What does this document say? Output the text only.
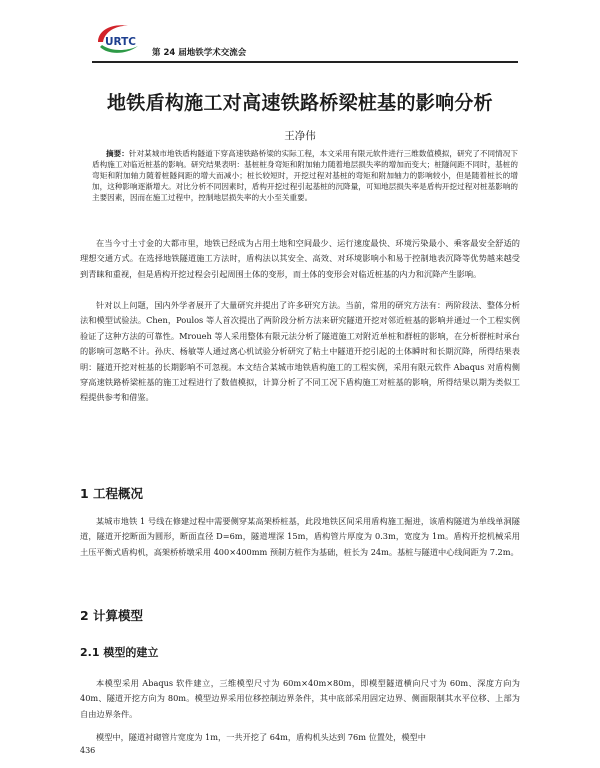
URTC
第 24 届地铁学术交流会
地铁盾构施工对高速铁路桥梁桩基的影响分析
王净伟

摘要：针对某城市地铁盾构隧道下穿高速铁路桥梁的实际工程，本文采用有限元软件进行三维数值模拟，研究了不同情况下盾构施工对临近桩基的影响。研究结果表明：基桩桩身弯矩和附加轴力随着地层损失率的增加而变大；桩隧间距不同时，基桩的弯矩和附加轴力随着桩隧间距的增大而减小；桩长较短时，开挖过程对基桩的弯矩和附加轴力的影响较小，但是随着桩长的增加，这种影响逐渐增大。对比分析不同因素时，盾构开挖过程引起基桩的沉降量，可知地层损失率是盾构开挖过程对桩基影响的主要因素，因而在施工过程中，控制地层损失率的大小至关重要。

在当今寸土寸金的大都市里，地铁已经成为占用土地和空间最少、运行速度最快、环境污染最小、乘客最安全舒适的理想交通方式。在选择地铁隧道施工方法时，盾构法以其安全、高效、对环境影响小和易于控制地表沉降等优势越来越受到青睐和重视，但是盾构开挖过程会引起周围土体的变形，而土体的变形会对临近桩基的内力和沉降产生影响。

针对以上问题，国内外学者展开了大量研究并提出了许多研究方法。当前，常用的研究方法有：两阶段法、整体分析法和模型试验法。Chen，Poulos 等人首次提出了两阶段分析方法来研究隧道开挖对邻近桩基的影响并通过一个工程实例验证了这种方法的可靠性。Mroueh 等人采用整体有限元法分析了隧道施工对附近单桩和群桩的影响，在分析群桩时承台的影响可忽略不计。孙庆、杨敏等人通过离心机试验分析研究了粘土中隧道开挖引起的土体瞬时和长期沉降，所得结果表明：隧道开挖对桩基的长期影响不可忽视。本文结合某城市地铁盾构施工的工程实例，采用有限元软件 Abaqus 对盾构侧穿高速铁路桥梁桩基的施工过程进行了数值模拟，计算分析了不同工况下盾构施工对桩基的影响，所得结果以期为类似工程提供参考和借鉴。

1 工程概况

某城市地铁 1 号线在修建过程中需要侧穿某高架桥桩基，此段地铁区间采用盾构施工掘进，该盾构隧道为单线单洞隧道，隧道开挖断面为圆形，断面直径 D=6m，隧道埋深 15m，盾构管片厚度为 0.3m，宽度为 1m。盾构开挖机械采用土压平衡式盾构机，高架桥桥墩采用 400×400mm 预制方桩作为基础，桩长为 24m。基桩与隧道中心线间距为 7.2m。

2 计算模型
2.1 模型的建立

本模型采用 Abaqus 软件建立，三维模型尺寸为 60m×40m×80m，即模型隧道横向尺寸为 60m、深度方向为 40m、隧道开挖方向为 80m。模型边界采用位移控制边界条件，其中底部采用固定边界、侧面限制其水平位移、上部为自由边界条件。

模型中，隧道衬砌管片宽度为 1m，一共开挖了 64m，盾构机头达到 76m 位置处，模型中

436
